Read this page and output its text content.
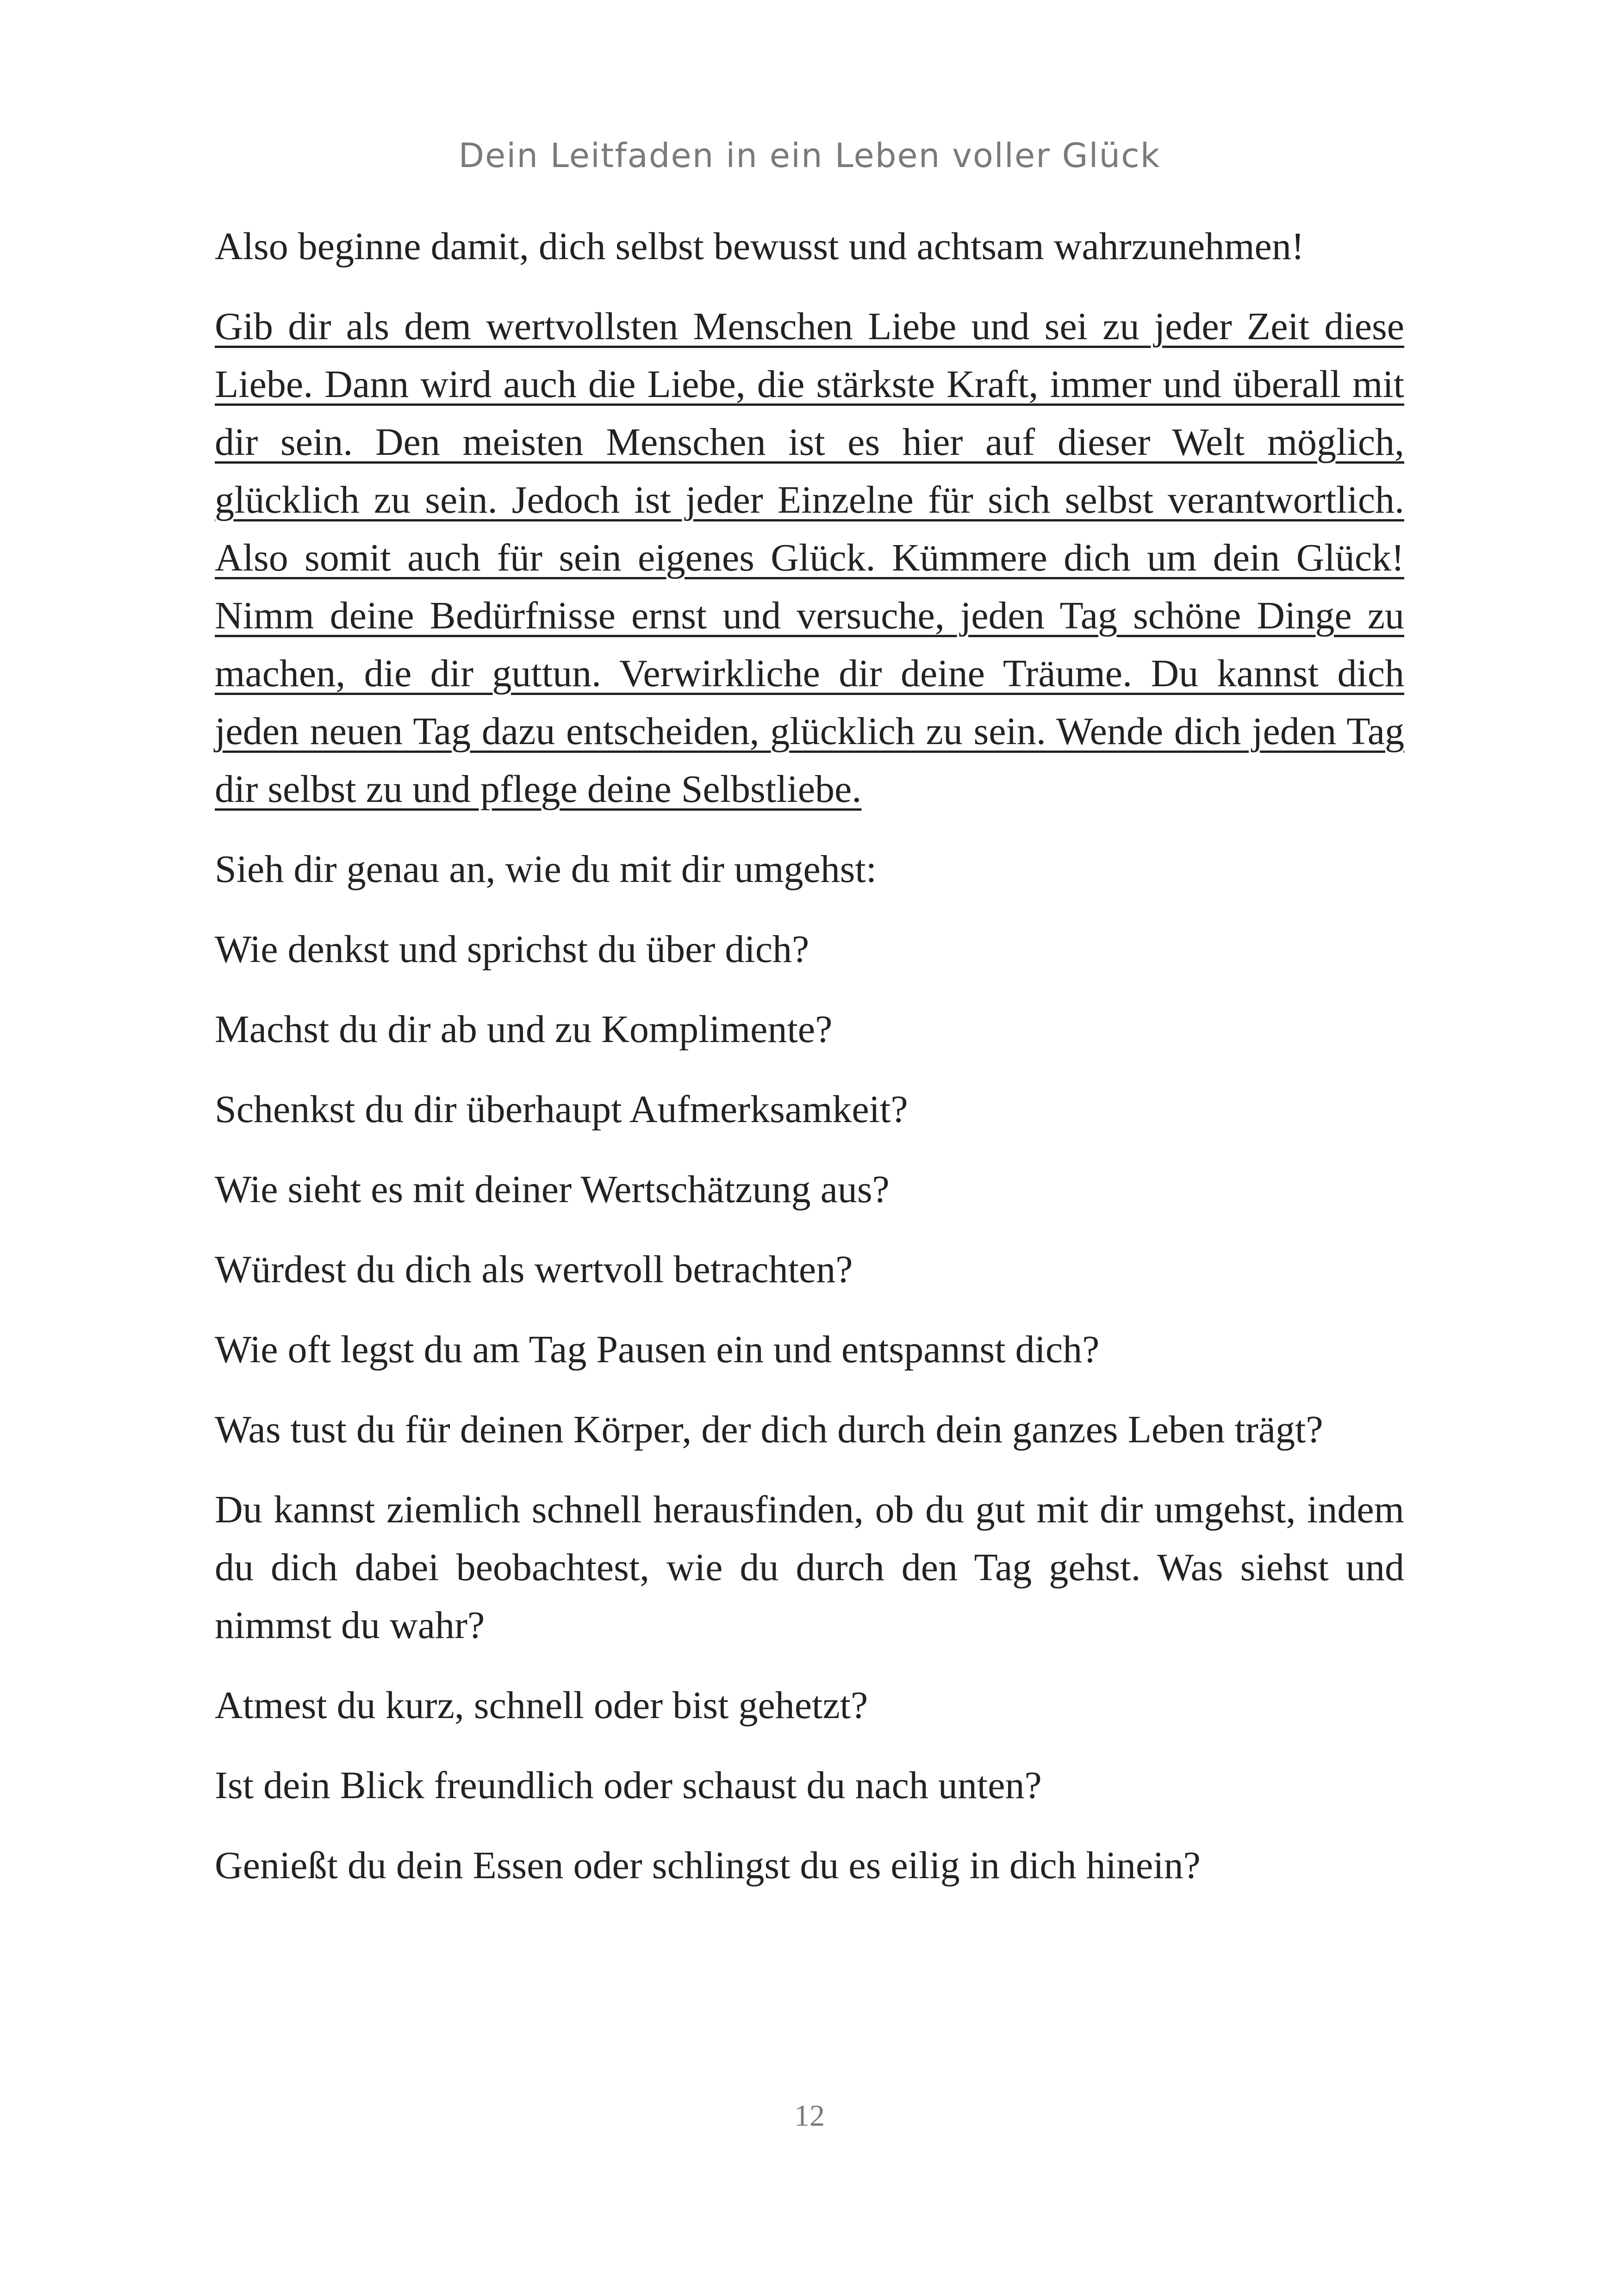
Dein Leitfaden in ein Leben voller Glück

Also beginne damit, dich selbst bewusst und achtsam wahrzunehmen!

Gib dir als dem wertvollsten Menschen Liebe und sei zu jeder Zeit diese Liebe. Dann wird auch die Liebe, die stärkste Kraft, immer und überall mit dir sein. Den meisten Menschen ist es hier auf dieser Welt möglich, glücklich zu sein. Jedoch ist jeder Einzelne für sich selbst verantwortlich. Also somit auch für sein eigenes Glück. Kümmere dich um dein Glück! Nimm deine Bedürfnisse ernst und versuche, jeden Tag schöne Dinge zu machen, die dir guttun. Verwirkliche dir deine Träume. Du kannst dich jeden neuen Tag dazu entscheiden, glücklich zu sein. Wende dich jeden Tag dir selbst zu und pflege deine Selbstliebe.

Sieh dir genau an, wie du mit dir umgehst:

Wie denkst und sprichst du über dich?

Machst du dir ab und zu Komplimente?

Schenkst du dir überhaupt Aufmerksamkeit?

Wie sieht es mit deiner Wertschätzung aus?

Würdest du dich als wertvoll betrachten?

Wie oft legst du am Tag Pausen ein und entspannst dich?

Was tust du für deinen Körper, der dich durch dein ganzes Leben trägt?

Du kannst ziemlich schnell herausfinden, ob du gut mit dir umgehst, indem du dich dabei beobachtest, wie du durch den Tag gehst. Was siehst und nimmst du wahr?

Atmest du kurz, schnell oder bist gehetzt?

Ist dein Blick freundlich oder schaust du nach unten?

Genießt du dein Essen oder schlingst du es eilig in dich hinein?

12
